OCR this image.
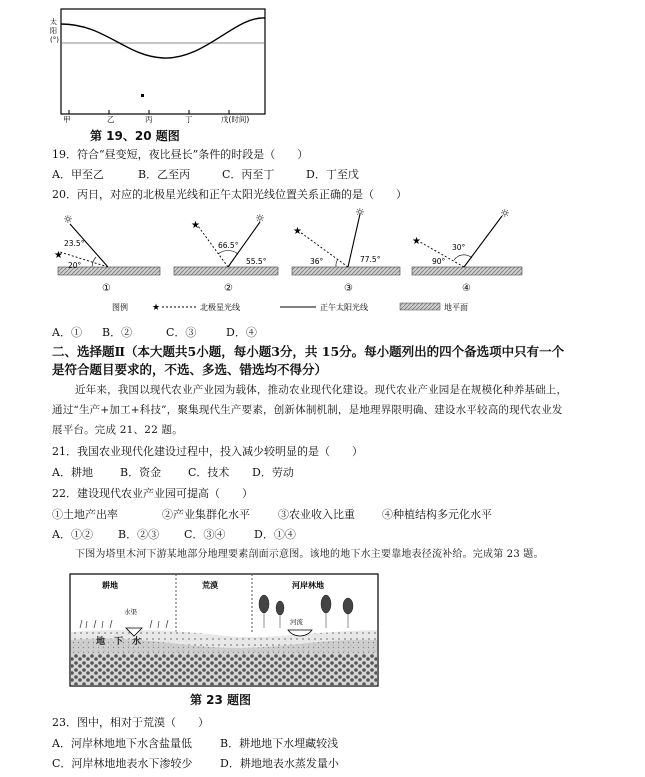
太
阳
(°)
甲	乙	丙	丁	戊(时间)
第 19、20 题图
19．符合“昼变短，夜比昼长”条件的时段是（　　）
A．甲至乙	B．乙至丙	C．丙至丁	D．丁至戊
20．丙日，对应的北极星光线和正午太阳光线位置关系正确的是（　　）
★
☼
23.5°
20°
①
★
☼
66.5°
55.5°
②
★
☼
36°	77.5°
③
★
☼
30°
90°
④
图例	★	北极星光线	正午太阳光线	地平面
A．① B．②	C．③	D．④
二、选择题Ⅱ（本大题共5小题，每小题3分，共 15分。每小题列出的四个备选项中只有一个
是符合题目要求的，不选、多选、错选均不得分）
近年来，我国以现代农业产业园为载体，推动农业现代化建设。现代农业产业园是在规模化种养基础上，
通过“生产+加工+科技”，聚集现代生产要素，创新体制机制，是地理界限明确、建设水平较高的现代农业发
展平台。完成 21、22 题。
21．我国农业现代化建设过程中，投入减少较明显的是（　　）
A．耕地 B．资金 C．技术 D．劳动
22．建设现代农业产业园可提高（　　）
①土地产出率	②产业集群化水平	③农业收入比重 ④种植结构多元化水平
A．①② B．②③ C．③④	D．①④
下图为塔里木河下游某地部分地理要素剖面示意图。该地的地下水主要靠地表径流补给。完成第 23 题。
耕地	荒漠	河岸林地
水渠
河流
地　下　水
第 23 题图
23．图中，相对于荒漠（　　）
A．河岸林地地下水含盐量低	B．耕地地下水埋藏较浅
C．河岸林地地表水下渗较少	D．耕地地表水蒸发量小
